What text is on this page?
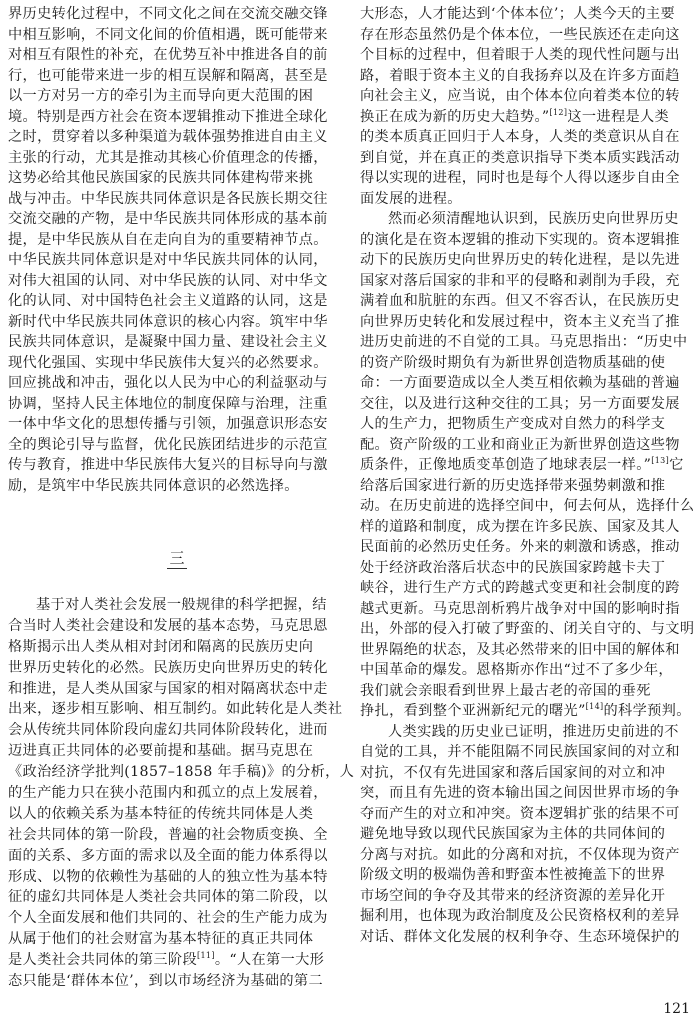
界历史转化过程中，不同文化之间在交流交融交锋
中相互影响，不同文化间的价值相遇，既可能带来
对相互有限性的补充，在优势互补中推进各自的前
行，也可能带来进一步的相互误解和隔离，甚至是
以一方对另一方的牵引为主而导向更大范围的困
境。特别是西方社会在资本逻辑推动下推进全球化
之时，贯穿着以多种渠道为载体强势推进自由主义
主张的行动，尤其是推动其核心价值理念的传播，
这势必给其他民族国家的民族共同体建构带来挑
战与冲击。中华民族共同体意识是各民族长期交往
交流交融的产物，是中华民族共同体形成的基本前
提，是中华民族从自在走向自为的重要精神节点。
中华民族共同体意识是对中华民族共同体的认同，
对伟大祖国的认同、对中华民族的认同、对中华文
化的认同、对中国特色社会主义道路的认同，这是
新时代中华民族共同体意识的核心内容。筑牢中华
民族共同体意识，是凝聚中国力量、建设社会主义
现代化强国、实现中华民族伟大复兴的必然要求。
回应挑战和冲击，强化以人民为中心的利益驱动与
协调，坚持人民主体地位的制度保障与治理，注重
一体中华文化的思想传播与引领，加强意识形态安
全的舆论引导与监督，优化民族团结进步的示范宣
传与教育，推进中华民族伟大复兴的目标导向与激
励，是筑牢中华民族共同体意识的必然选择。
三
基于对人类社会发展一般规律的科学把握，结
合当时人类社会建设和发展的基本态势，马克思恩
格斯揭示出人类从相对封闭和隔离的民族历史向
世界历史转化的必然。民族历史向世界历史的转化
和推进，是人类从国家与国家的相对隔离状态中走
出来，逐步相互影响、相互制约。如此转化是人类社
会从传统共同体阶段向虚幻共同体阶段转化，进而
迈进真正共同体的必要前提和基础。据马克思在
《政治经济学批判(1857–1858 年手稿)》的分析，人
的生产能力只在狭小范围内和孤立的点上发展着，
以人的依赖关系为基本特征的传统共同体是人类
社会共同体的第一阶段，普遍的社会物质变换、全
面的关系、多方面的需求以及全面的能力体系得以
形成、以物的依赖性为基础的人的独立性为基本特
征的虚幻共同体是人类社会共同体的第二阶段，以
个人全面发展和他们共同的、社会的生产能力成为
从属于他们的社会财富为基本特征的真正共同体
是人类社会共同体的第三阶段[11]。“人在第一大形
态只能是‘群体本位’，到以市场经济为基础的第二
大形态，人才能达到‘个体本位’；人类今天的主要
存在形态虽然仍是个体本位，一些民族还在走向这
个目标的过程中，但着眼于人类的现代性问题与出
路，着眼于资本主义的自我扬弃以及在许多方面趋
向社会主义，应当说，由个体本位向着类本位的转
换正在成为新的历史大趋势。”[12]这一进程是人类
的类本质真正回归于人本身，人类的类意识从自在
到自觉，并在真正的类意识指导下类本质实践活动
得以实现的进程，同时也是每个人得以逐步自由全
面发展的进程。
然而必须清醒地认识到，民族历史向世界历史
的演化是在资本逻辑的推动下实现的。资本逻辑推
动下的民族历史向世界历史的转化进程，是以先进
国家对落后国家的非和平的侵略和剥削为手段，充
满着血和肮脏的东西。但又不容否认，在民族历史
向世界历史转化和发展过程中，资本主义充当了推
进历史前进的不自觉的工具。马克思指出：“历史中
的资产阶级时期负有为新世界创造物质基础的使
命：一方面要造成以全人类互相依赖为基础的普遍
交往，以及进行这种交往的工具；另一方面要发展
人的生产力，把物质生产变成对自然力的科学支
配。资产阶级的工业和商业正为新世界创造这些物
质条件，正像地质变革创造了地球表层一样。”[13]它
给落后国家进行新的历史选择带来强势刺激和推
动。在历史前进的选择空间中，何去何从，选择什么
样的道路和制度，成为摆在许多民族、国家及其人
民面前的必然历史任务。外来的刺激和诱惑，推动
处于经济政治落后状态中的民族国家跨越卡夫丁
峡谷，进行生产方式的跨越式变更和社会制度的跨
越式更新。马克思剖析鸦片战争对中国的影响时指
出，外部的侵入打破了野蛮的、闭关自守的、与文明
世界隔绝的状态，及其必然带来的旧中国的解体和
中国革命的爆发。恩格斯亦作出“过不了多少年，
我们就会亲眼看到世界上最古老的帝国的垂死
挣扎，看到整个亚洲新纪元的曙光”[14]的科学预判。
人类实践的历史业已证明，推进历史前进的不
自觉的工具，并不能阻隔不同民族国家间的对立和
对抗，不仅有先进国家和落后国家间的对立和冲
突，而且有先进的资本输出国之间因世界市场的争
夺而产生的对立和冲突。资本逻辑扩张的结果不可
避免地导致以现代民族国家为主体的共同体间的
分离与对抗。如此的分离和对抗，不仅体现为资产
阶级文明的极端伪善和野蛮本性被掩盖下的世界
市场空间的争夺及其带来的经济资源的差异化开
掘利用，也体现为政治制度及公民资格权利的差异
对话、群体文化发展的权利争夺、生态环境保护的
121
